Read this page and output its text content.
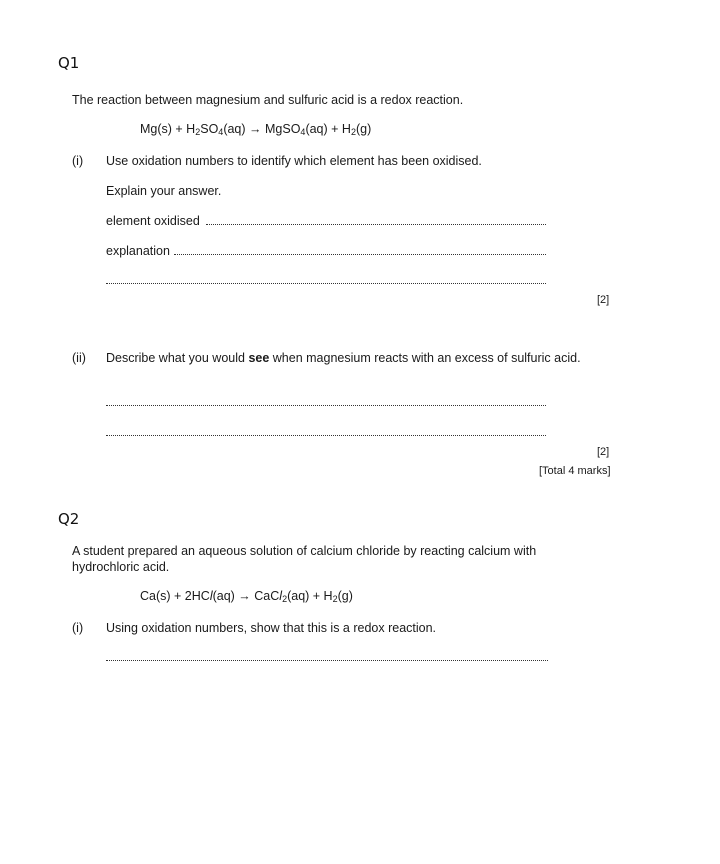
Q1
The reaction between magnesium and sulfuric acid is a redox reaction.
$Mg(s) + H_2SO_4(aq)$ → MgSO$_4$(aq) + $H_2(g)$
(i) Use oxidation numbers to identify which element has been oxidised.
Explain your answer.
element oxidised
explanation
[2]
(ii) Describe what you would see when magnesium reacts with an excess of sulfuric acid.
[2]
[Total 4 marks]
Q2
A student prepared an aqueous solution of calcium chloride by reacting calcium with hydrochloric acid.
Ca(s) + 2HCl(aq) → CaCl$_2$(aq) + $H_2(g)$
(i) Using oxidation numbers, show that this is a redox reaction.
